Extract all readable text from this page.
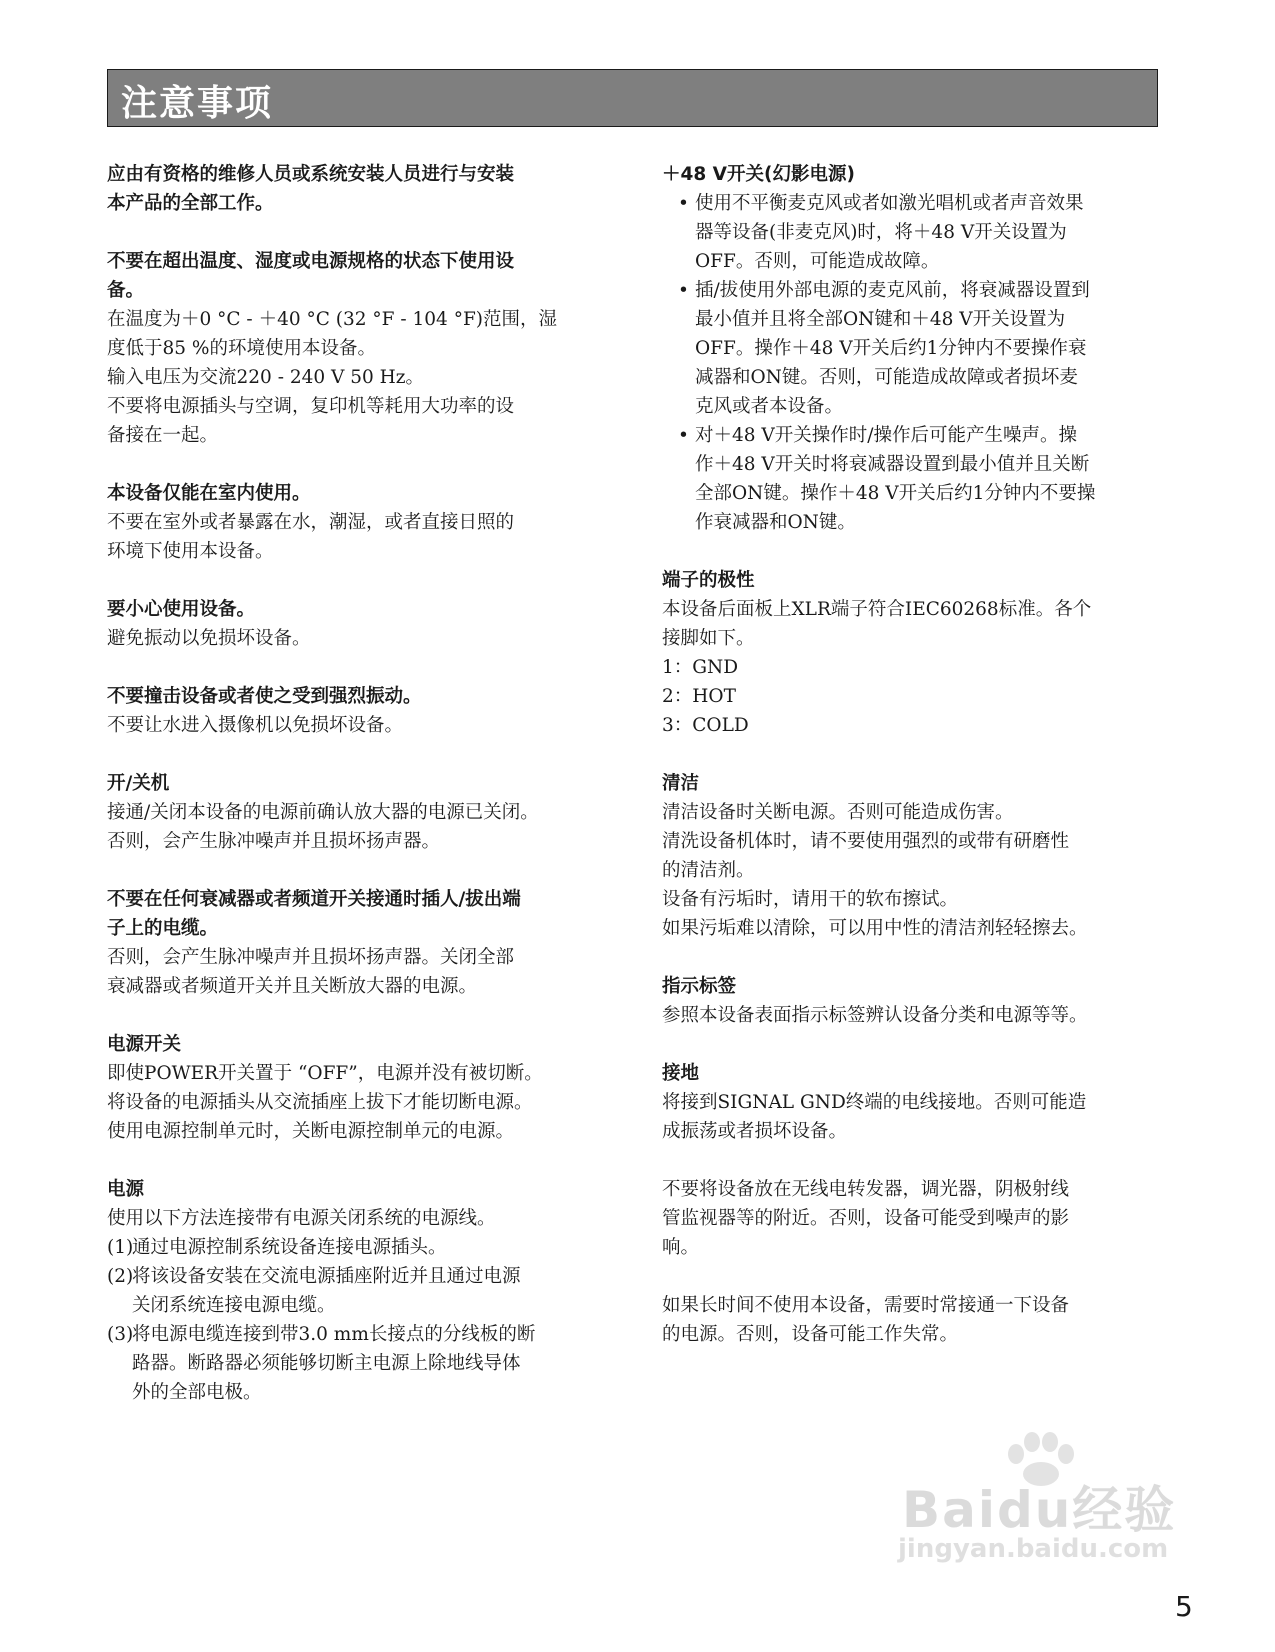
注意事项

应由有资格的维修人员或系统安装人员进行与安装
本产品的全部工作。

不要在超出温度、湿度或电源规格的状态下使用设
备。

在温度为＋0 °C - ＋40 °C (32 °F - 104 °F)范围，湿
度低于85 %的环境使用本设备。
输入电压为交流220 - 240 V 50 Hz。
不要将电源插头与空调，复印机等耗用大功率的设
备接在一起。

本设备仅能在室内使用。

不要在室外或者暴露在水，潮湿，或者直接日照的
环境下使用本设备。

要小心使用设备。

避免振动以免损坏设备。

不要撞击设备或者使之受到强烈振动。

不要让水进入摄像机以免损坏设备。

开/关机

接通/关闭本设备的电源前确认放大器的电源已关闭。
否则，会产生脉冲噪声并且损坏扬声器。

不要在任何衰减器或者频道开关接通时插人/拔出端
子上的电缆。

否则，会产生脉冲噪声并且损坏扬声器。关闭全部
衰减器或者频道开关并且关断放大器的电源。

电源开关

即使POWER开关置于 “OFF”，电源并没有被切断。
将设备的电源插头从交流插座上拔下才能切断电源。
使用电源控制单元时，关断电源控制单元的电源。

电源

使用以下方法连接带有电源关闭系统的电源线。

(1)
通过电源控制系统设备连接电源插头。
(2)
将该设备安装在交流电源插座附近并且通过电源
关闭系统连接电源电缆。
(3)
将电源电缆连接到带3.0 mm长接点的分线板的断
路器。断路器必须能够切断主电源上除地线导体
外的全部电极。

＋48 V开关(幻影电源)

• 使用不平衡麦克风或者如激光唱机或者声音效果
器等设备(非麦克风)时，将＋48 V开关设置为
OFF。否则，可能造成故障。
• 插/拔使用外部电源的麦克风前，将衰减器设置到
最小值并且将全部ON键和＋48 V开关设置为
OFF。操作＋48 V开关后约1分钟内不要操作衰
减器和ON键。否则，可能造成故障或者损坏麦
克风或者本设备。
• 对＋48 V开关操作时/操作后可能产生噪声。操
作＋48 V开关时将衰减器设置到最小值并且关断
全部ON键。操作＋48 V开关后约1分钟内不要操
作衰减器和ON键。

端子的极性

本设备后面板上XLR端子符合IEC60268标准。各个
接脚如下。
1：GND
2：HOT
3：COLD

清洁

清洁设备时关断电源。否则可能造成伤害。
清洗设备机体时，请不要使用强烈的或带有研磨性
的清洁剂。
设备有污垢时，请用干的软布擦试。
如果污垢难以清除，可以用中性的清洁剂轻轻擦去。

指示标签

参照本设备表面指示标签辨认设备分类和电源等等。

接地

将接到SIGNAL GND终端的电线接地。否则可能造
成振荡或者损坏设备。

不要将设备放在无线电转发器，调光器，阴极射线
管监视器等的附近。否则，设备可能受到噪声的影
响。

如果长时间不使用本设备，需要时常接通一下设备
的电源。否则，设备可能工作失常。

Baidu经验
jingyan.baidu.com
5
